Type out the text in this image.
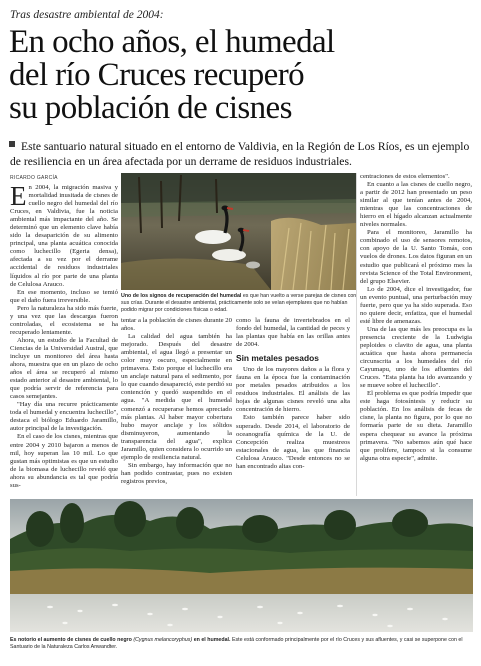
Tras desastre ambiental de 2004:
En ocho años, el humedal
del río Cruces recuperó
su población de cisnes
Este santuario natural situado en el entorno de Valdivia, en la Región de Los Ríos, es un ejemplo de resiliencia en un área afectada por un derrame de residuos industriales.
RICARDO GARCÍA
Uno de los signos de recuperación del humedal es que han vuelto a verse parejas de cisnes con sus crías. Durante el desastre ambiental, prácticamente solo se veían ejemplares que no habían podido migrar por condiciones físicas o edad.

En 2004, la migración masiva y mortalidad inusitada de cisnes de cuello negro del humedal del río Cruces, en Valdivia, fue la noticia ambiental más impactante del año. Se determinó que un elemento clave había sido la desaparición de su alimento principal, una planta acuática conocida como luchecillo (Egeria densa), afectada a su vez por el derrame accidental de residuos industriales líquidos al río por parte de una planta de Celulosa Arauco.

En ese momento, incluso se temió que el daño fuera irreversible.

Pero la naturaleza ha sido más fuerte, y una vez que las descargas fueron controladas, el ecosistema se ha recuperado lentamente.

Ahora, un estudio de la Facultad de Ciencias de la Universidad Austral, que incluye un monitoreo del área hasta ahora, muestra que en un plazo de ocho años el área se recuperó al mismo estado anterior al desastre ambiental, lo que podría servir de referencia para casos semejantes.

"Hay día una recurre prácticamente toda el humedal y encuentra luchecillo", destaca el biólogo Eduardo Jaramillo, autor principal de la investigación.

En el caso de los cisnes, mientras que entre 2004 y 2010 bajaron a menos de mil, hoy superan las 10 mil. Lo que gustan más optimistas es que un estudio de la biomasa de luchecillo reveló que ahora su abundancia es tal que podría sus-

tentar a la población de cisnes durante 20 años.

La calidad del agua también ha mejorado. Después del desastre ambiental, el agua llegó a presentar un color muy oscuro, especialmente en primavera. Esto porque el luchecillo era un anclaje natural para el sedimento, por lo que cuando desapareció, este perdió su contención y quedó suspendido en el agua. "A medida que el humedal comenzó a recuperarse hemos apreciado más plantas. Al haber mayor cobertura hubo mayor anclaje y los sólidos disminuyeron, aumentando la transparencia del agua", explica Jaramillo, quien considera lo ocurrido un ejemplo de resiliencia natural.

Sin embargo, hay información que no han podido contrastar, pues no existen registros previos,

como la fauna de invertebrados en el fondo del humedal, la cantidad de peces y las plantas que había en las orillas antes de 2004.

Sin metales pesados

Uno de los mayores daños a la flora y fauna en la época fue la contaminación por metales pesados atribuidos a los residuos industriales. El análisis de las hojas de algunas cisnes reveló una alta concentración de hierro.

Esto también parece haber sido superado. Desde 2014, el laboratorio de oceanografía química de la U. de Concepción realiza muestreos estacionales de agua, las que financia Celulosa Arauco. "Desde entonces no se han encontrado altas con-

centraciones de estos elementos".

En cuanto a las cisnes de cuello negro, a partir de 2012 han presentado un peso similar al que tenían antes de 2004, mientras que las concentraciones de hierro en el hígado alcanzan actualmente niveles normales.

Para el monitoreo, Jaramillo ha combinado el uso de sensores remotos, con apoyo de la U. Santo Tomás, con vuelos de drones. Los datos figuran en un estudio que publicará el próximo mes la revista Science of the Total Environment, del grupo Elsevier.

Lo de 2004, dice el investigador, fue un evento puntual, una perturbación muy fuerte, pero que ya ha sido superada. Eso no quiere decir, enfatiza, que el humedal esté libre de amenazas.

Una de las que más les preocupa es la presencia creciente de la Ludwigia peploides o clavito de agua, una planta acuática que hasta ahora permanecía circunscrita a los humedales del río Cayumapu, uno de los afluentes del Cruces. "Esta planta ha ido avanzando y se mueve sobre el luchecillo".

El problema es que podría impedir que este haga fotosíntesis y reducir su población. En los análisis de fecas de cisne, la planta no figura, por lo que no formaría parte de su dieta. Jaramillo espera chequear su avance la próxima primavera. "No sabemos aún qué hace que prolifere, tampoco si la consume alguna otra especie", admite.

Es notorio el aumento de cisnes de cuello negro (Cygnus melancoryphus) en el humedal. Este está conformado principalmente por el río Cruces y sus afluentes, y casi se superpone con el Santuario de la Naturaleza Carlos Anwandter.
